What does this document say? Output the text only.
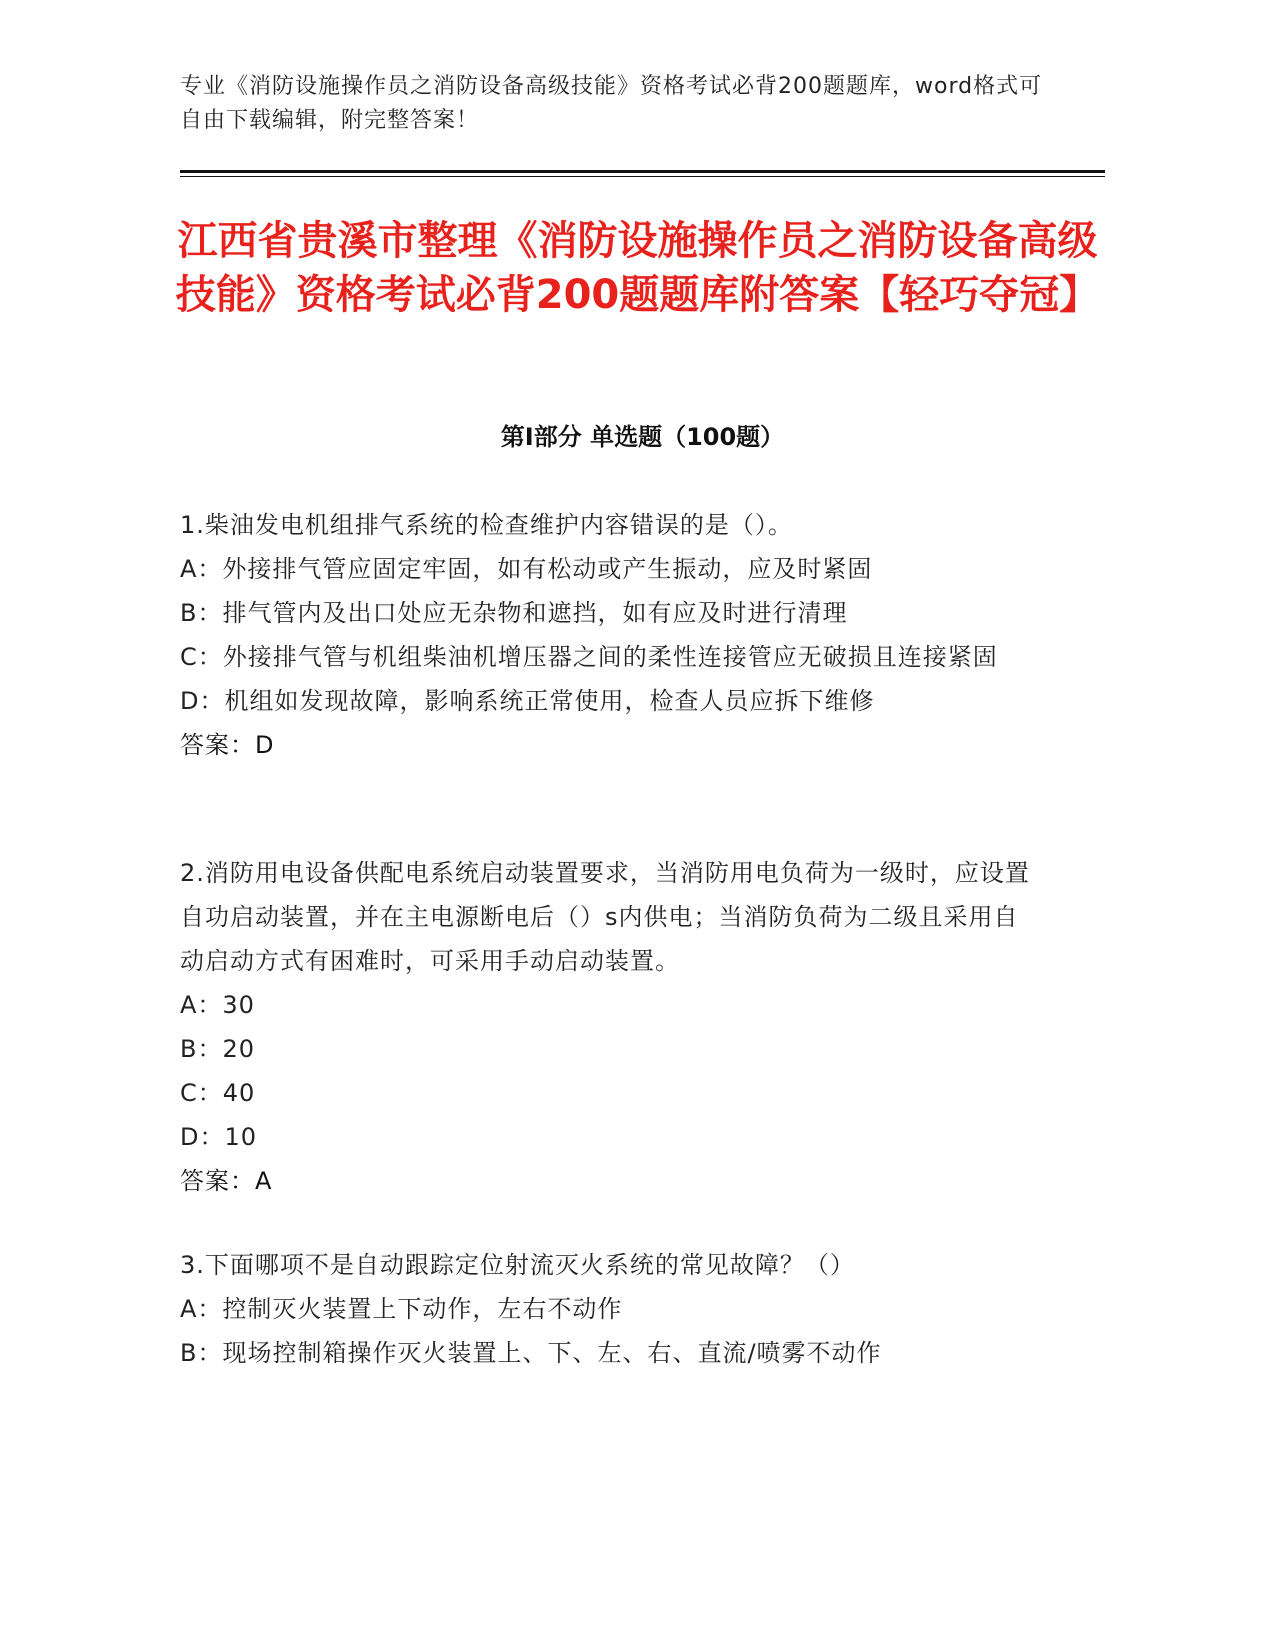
专业《消防设施操作员之消防设备高级技能》资格考试必背200题题库，word格式可自由下载编辑，附完整答案！
江西省贵溪市整理《消防设施操作员之消防设备高级技能》资格考试必背200题题库附答案【轻巧夺冠】
第Ⅰ部分 单选题（100题）
1.柴油发电机组排气系统的检查维护内容错误的是（）。
A：外接排气管应固定牢固，如有松动或产生振动，应及时紧固
B：排气管内及出口处应无杂物和遮挡，如有应及时进行清理
C：外接排气管与机组柴油机增压器之间的柔性连接管应无破损且连接紧固
D：机组如发现故障，影响系统正常使用，检查人员应拆下维修
答案：D
2.消防用电设备供配电系统启动装置要求，当消防用电负荷为一级时，应设置自功启动装置，并在主电源断电后（）s内供电；当消防负荷为二级且采用自动启动方式有困难时，可采用手动启动装置。
A：30
B：20
C：40
D：10
答案：A
3.下面哪项不是自动跟踪定位射流灭火系统的常见故障？（）
A：控制灭火装置上下动作，左右不动作
B：现场控制箱操作灭火装置上、下、左、右、直流/喷雾不动作
